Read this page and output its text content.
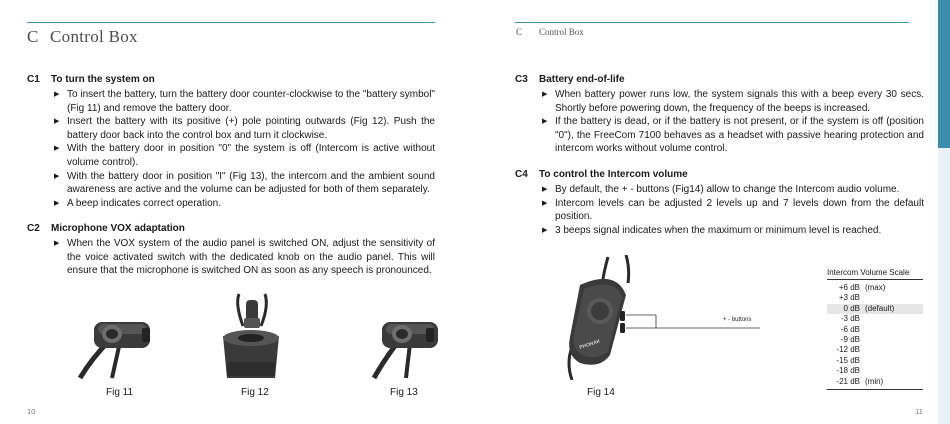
C Control Box
C1 To turn the system on
▶ To insert the battery, turn the battery door counter-clockwise to the "battery symbol" (Fig 11) and remove the battery door.
▶ Insert the battery with its positive (+) pole pointing outwards (Fig 12). Push the battery door back into the control box and turn it clockwise.
▶ With the battery door in position "0" the system is off (Intercom is active without volume control).
▶ With the battery door in position "I" (Fig 13), the intercom and the ambient sound awareness are active and the volume can be adjusted for both of them separately.
▶ A beep indicates correct operation.
C2 Microphone VOX adaptation
▶ When the VOX system of the audio panel is switched ON, adjust the sensitivity of the voice activated switch with the dedicated knob on the audio panel. This will ensure that the microphone is switched ON as soon as any speech is pronounced.
Fig 11	Fig 12	Fig 13
10
C Control Box
C3 Battery end-of-life
▶ When battery power runs low, the system signals this with a beep every 30 secs. Shortly before powering down, the frequency of the beeps is increased.
▶ If the battery is dead, or if the battery is not present, or if the system is off (position "0"), the FreeCom 7100 behaves as a headset with passive hearing protection and intercom works without volume control.
C4 To control the Intercom volume
▶ By default, the + - buttons (Fig14) allow to change the Intercom audio volume.
▶ Intercom levels can be adjusted 2 levels up and 7 levels down from the default position.
▶ 3 beeps signal indicates when the maximum or minimum level is reached.
Fig 14
11
PHONAK
+ - buttons
Intercom Volume Scale
+6 dB (max)
+3 dB
0 dB (default)
-3 dB
-6 dB
-9 dB
-12 dB
-15 dB
-18 dB
-21 dB (min)
